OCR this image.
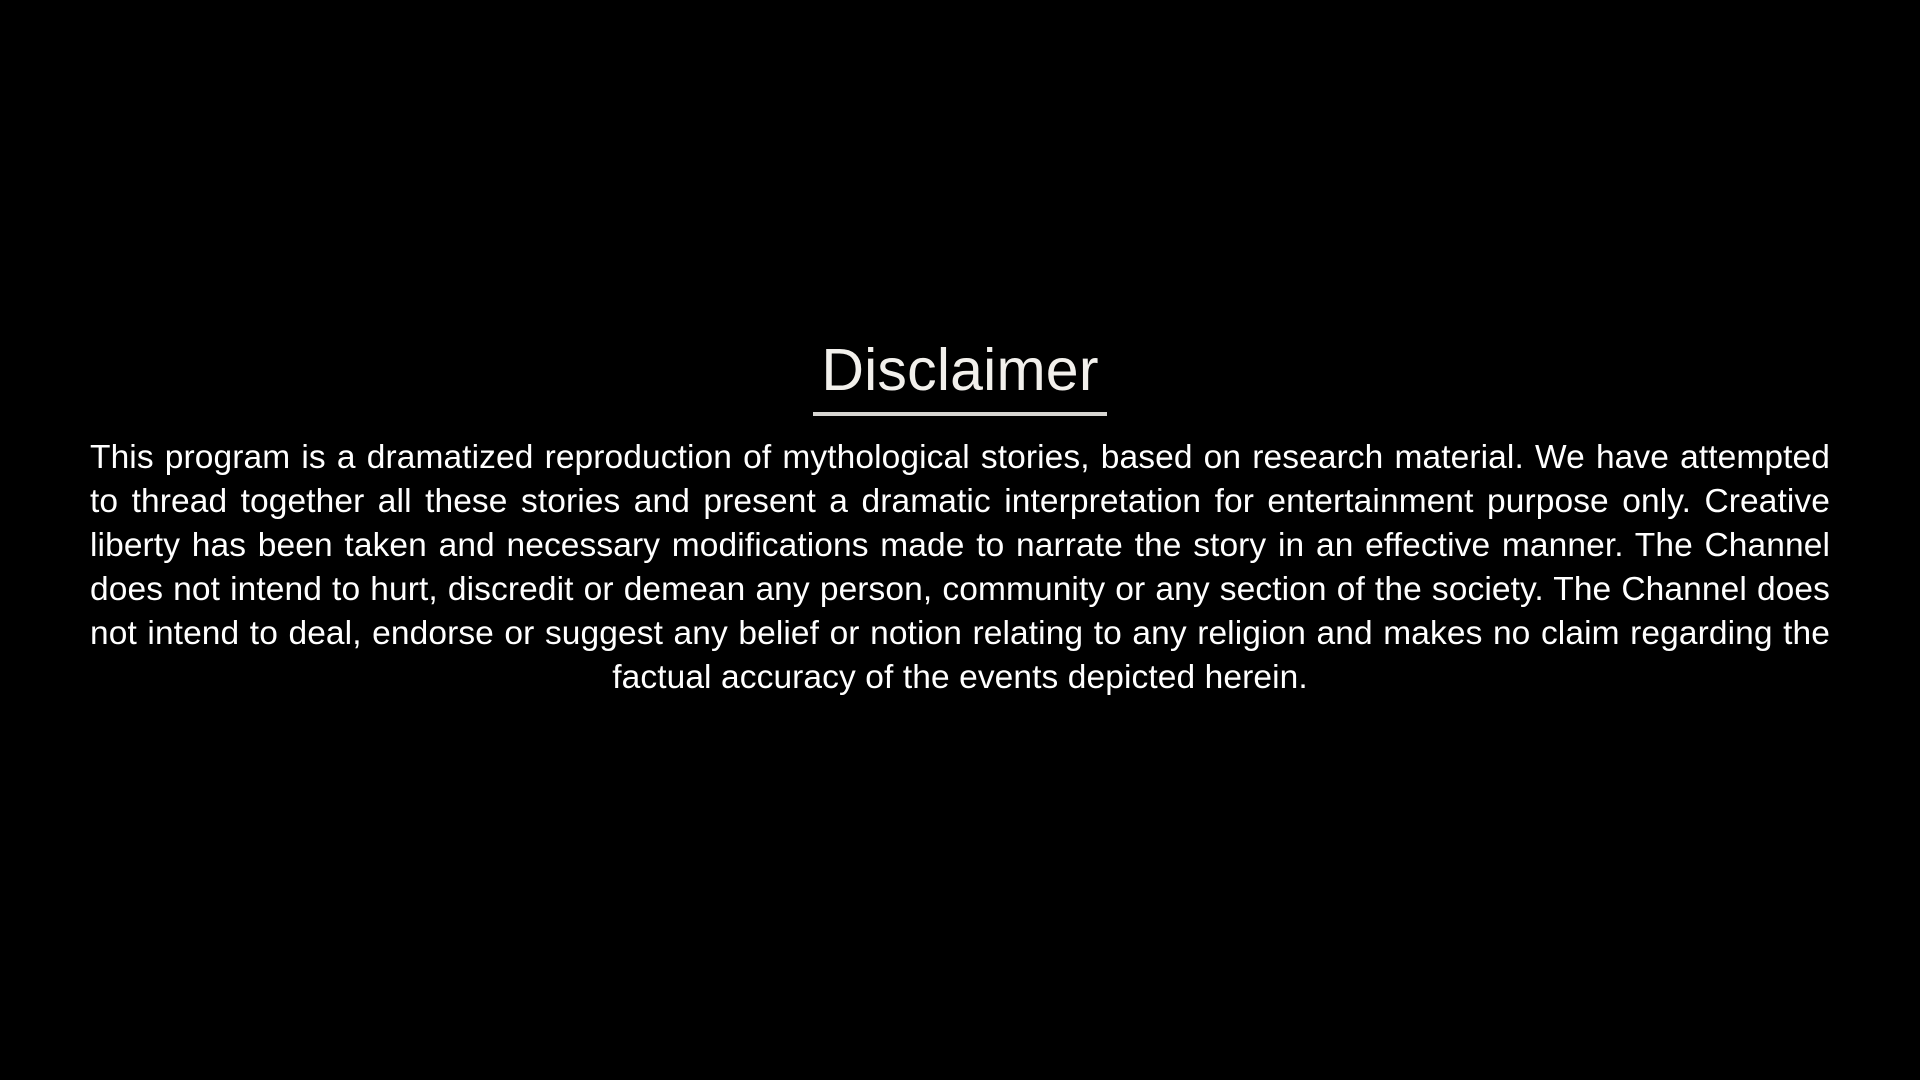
Disclaimer
This program is a dramatized reproduction of mythological stories, based on research material. We have attempted to thread together all these stories and present a dramatic interpretation for entertainment purpose only. Creative liberty has been taken and necessary modifications made to narrate the story in an effective manner. The Channel does not intend to hurt, discredit or demean any person, community or any section of the society. The Channel does not intend to deal, endorse or suggest any belief or notion relating to any religion and makes no claim regarding the factual accuracy of the events depicted herein.
